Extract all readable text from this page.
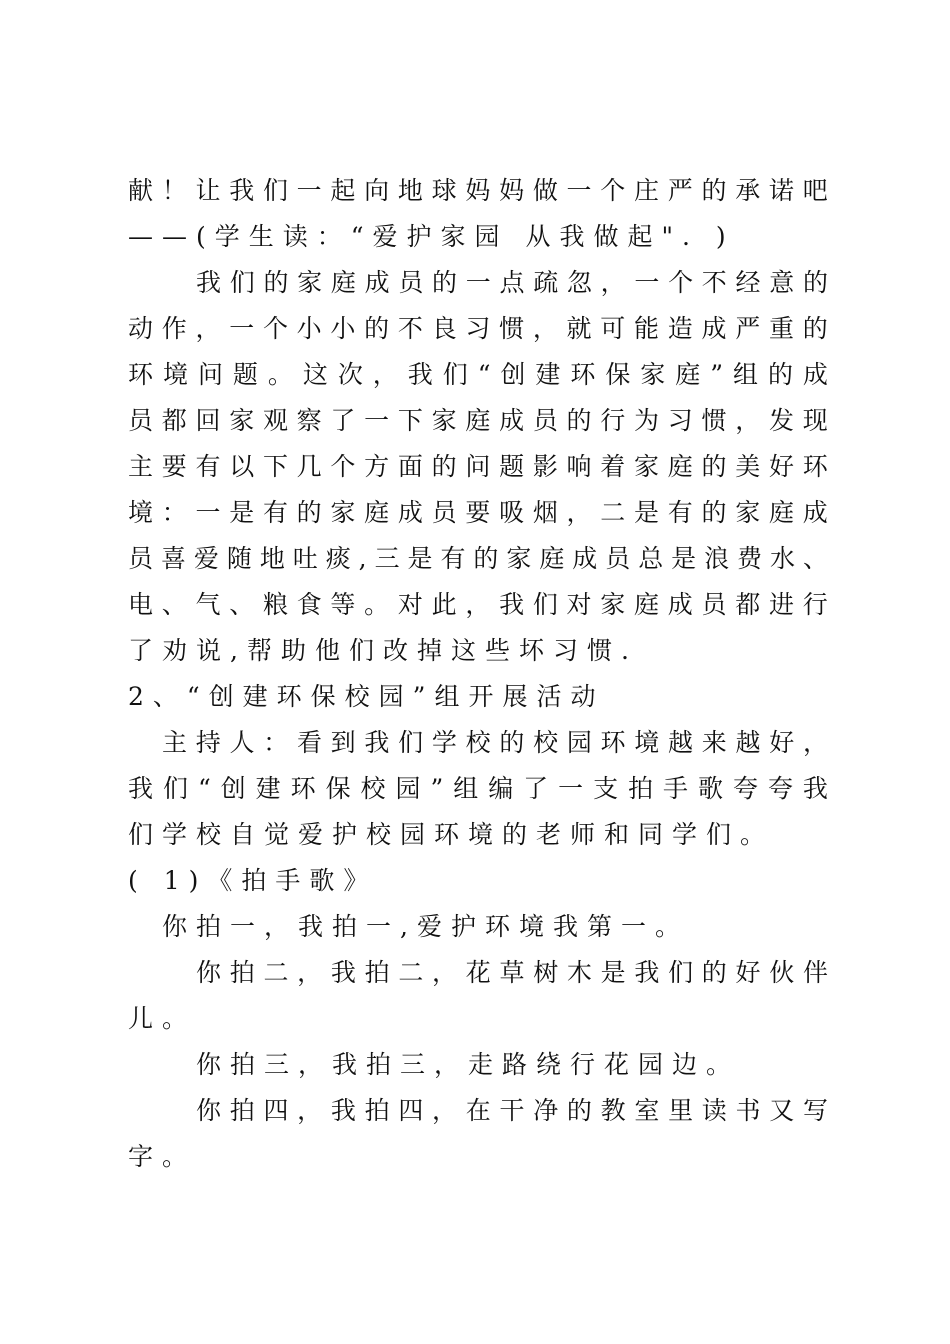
献 ！ 让 我 们 一 起 向 地 球 妈 妈 做 一 个 庄 严 的 承 诺 吧
——(学生读：“爱护家园 从我做起". )
我 们 的 家 庭 成 员 的 一 点 疏 忽 ， 一 个 不 经 意 的
动 作 ， 一 个 小 小 的 不 良 习 惯 ， 就 可 能 造 成 严 重 的
环 境 问 题 。 这 次 ， 我 们 “ 创 建 环 保 家 庭 ” 组 的 成
员 都 回 家 观 察 了 一 下 家 庭 成 员 的 行 为 习 惯 ， 发 现
主 要 有 以 下 几 个 方 面 的 问 题 影 响 着 家 庭 的 美 好 环
境 ： 一 是 有 的 家 庭 成 员 要 吸 烟 ， 二 是 有 的 家 庭 成
员 喜 爱 随 地 吐 痰 , 三 是 有 的 家 庭 成 员 总 是 浪 费 水 、
电 、 气 、 粮 食 等 。 对 此 ， 我 们 对 家 庭 成 员 都 进 行
了劝说,帮助他们改掉这些坏习惯.
2、“创建环保校园”组开展活动
主 持 人 ： 看 到 我 们 学 校 的 校 园 环 境 越 来 越 好 ，
我 们 “ 创 建 环 保 校 园 ” 组 编 了 一 支 拍 手 歌 夸 夸 我
们学校自觉爱护校园环境的老师和同学们。
( 1)《拍手歌》
你拍一，我拍一,爱护环境我第一。
你 拍 二 ， 我 拍 二 ， 花 草 树 木 是 我 们 的 好 伙 伴
儿。
你拍三，我拍三，走路绕行花园边。
你 拍 四 ， 我 拍 四 ， 在 干 净 的 教 室 里 读 书 又 写
字。
